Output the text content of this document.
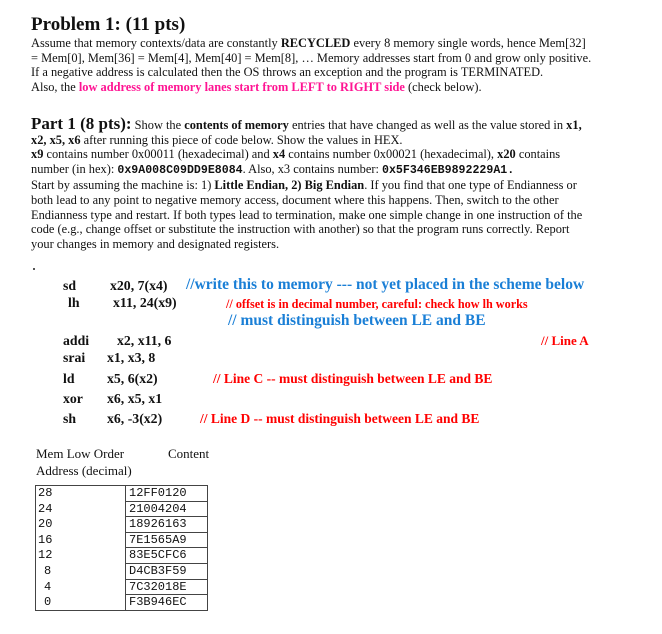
Problem 1: (11 pts)
Assume that memory contexts/data are constantly RECYCLED every 8 memory single words, hence Mem[32]
= Mem[0], Mem[36] = Mem[4], Mem[40] = Mem[8], … Memory addresses start from 0 and grow only positive.
If a negative address is calculated then the OS throws an exception and the program is TERMINATED.
Also, the low address of memory lanes start from LEFT to RIGHT side (check below).
Part 1 (8 pts): Show the contents of memory entries that have changed as well as the value stored in x1,
x2, x5, x6 after running this piece of code below. Show the values in HEX.
x9 contains number 0x00011 (hexadecimal) and x4 contains number 0x00021 (hexadecimal), x20 contains
number (in hex): 0x9A008C09DD9E8084. Also, x3 contains number: 0x5F346EB9892229A1.
Start by assuming the machine is: 1) Little Endian, 2) Big Endian. If you find that one type of Endianness or
both lead to any point to negative memory access, document where this happens. Then, switch to the other
Endianness type and restart. If both types lead to termination, make one simple change in one instruction of the
code (e.g., change offset or substitute the instruction with another) so that the program runs correctly. Report
your changes in memory and designated registers.
sd x20, 7(x4) //write this to memory --- not yet placed in the scheme below
lh x11, 24(x9)	// offset is in decimal number, careful: check how lh works
// must distinguish between LE and BE
addi x2, x11, 6	// Line A
srai x1, x3, 8
ld x5, 6(x2)	// Line C -- must distinguish between LE and BE
xor x6, x5, x1
sh x6, -3(x2)	// Line D -- must distinguish between LE and BE
Mem Low Order
Address (decimal)
Content
28	12FF0120
24	21004204
20	18926163
16	7E1565A9
12	83E5CFC6
8	D4CB3F59
4	7C32018E
0	F3B946EC
